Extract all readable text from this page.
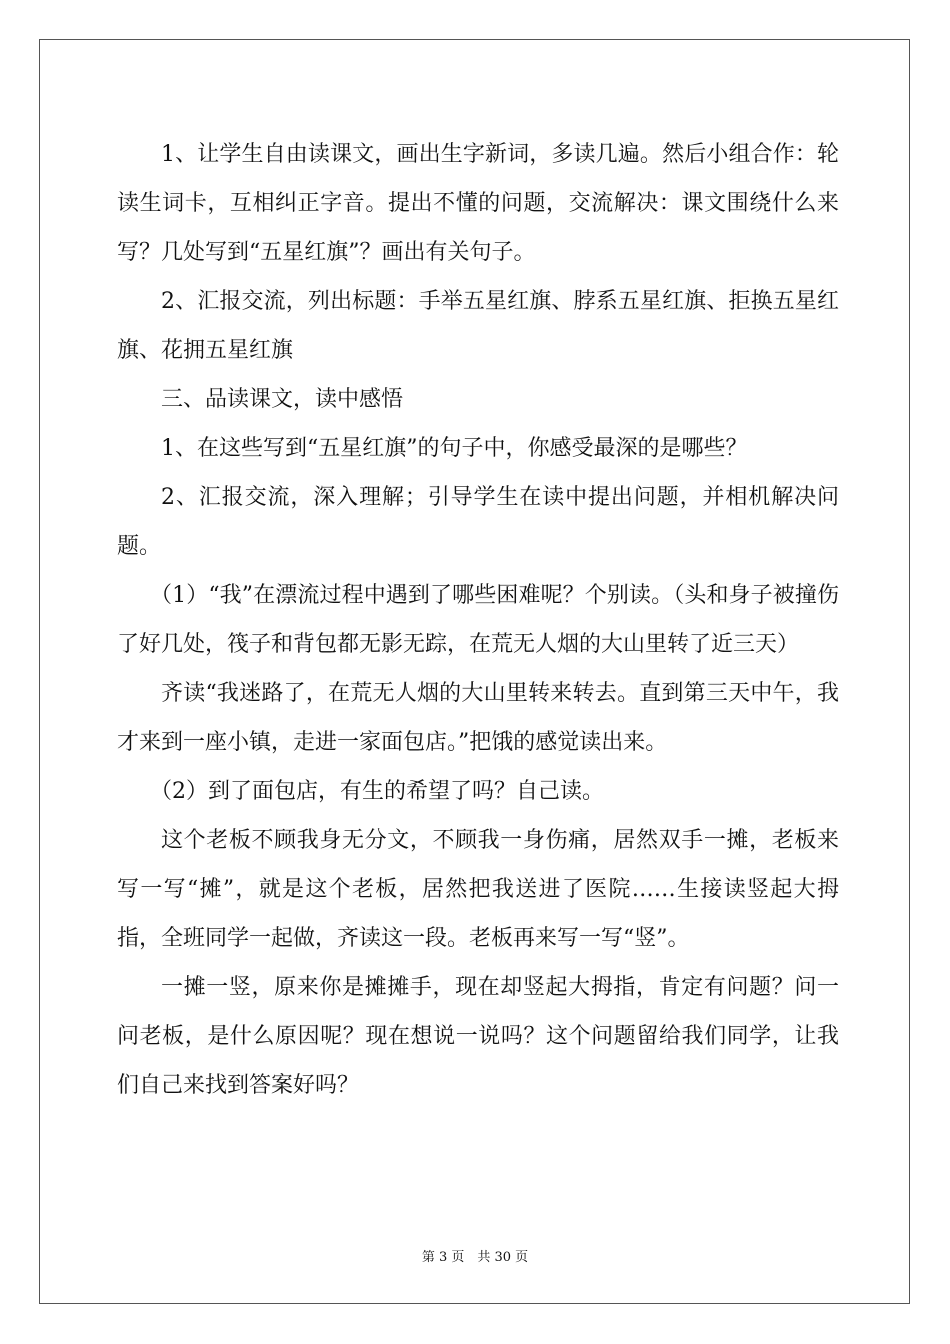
1、让学生自由读课文，画出生字新词，多读几遍。然后小组合作：轮读生词卡，互相纠正字音。提出不懂的问题，交流解决：课文围绕什么来写？几处写到“五星红旗”？画出有关句子。

2、汇报交流，列出标题：手举五星红旗、脖系五星红旗、拒换五星红旗、花拥五星红旗

三、品读课文，读中感悟

1、在这些写到“五星红旗”的句子中，你感受最深的是哪些？

2、汇报交流，深入理解；引导学生在读中提出问题，并相机解决问题。

（1）“我”在漂流过程中遇到了哪些困难呢？个别读。（头和身子被撞伤了好几处，筏子和背包都无影无踪，在荒无人烟的大山里转了近三天）

齐读“我迷路了，在荒无人烟的大山里转来转去。直到第三天中午，我才来到一座小镇，走进一家面包店。”把饿的感觉读出来。

（2）到了面包店，有生的希望了吗？自己读。

这个老板不顾我身无分文，不顾我一身伤痛，居然双手一摊，老板来写一写“摊”，就是这个老板，居然把我送进了医院……生接读竖起大拇指，全班同学一起做，齐读这一段。老板再来写一写“竖”。

一摊一竖，原来你是摊摊手，现在却竖起大拇指，肯定有问题？问一问老板，是什么原因呢？现在想说一说吗？这个问题留给我们同学，让我们自己来找到答案好吗？

第 3 页　共 30 页
